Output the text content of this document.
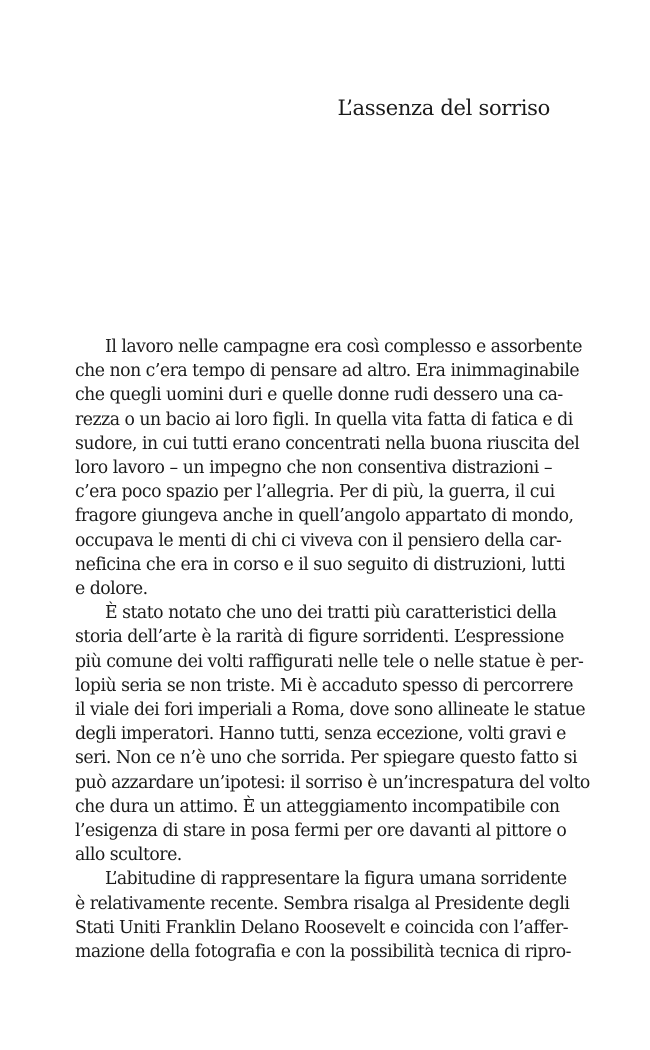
L’assenza del sorriso
Il lavoro nelle campagne era così complesso e assorbente
che non c’era tempo di pensare ad altro. Era inimmaginabile
che quegli uomini duri e quelle donne rudi dessero una ca-
rezza o un bacio ai loro figli. In quella vita fatta di fatica e di
sudore, in cui tutti erano concentrati nella buona riuscita del
loro lavoro – un impegno che non consentiva distrazioni –
c’era poco spazio per l’allegria. Per di più, la guerra, il cui
fragore giungeva anche in quell’angolo appartato di mondo,
occupava le menti di chi ci viveva con il pensiero della car-
neficina che era in corso e il suo seguito di distruzioni, lutti
e dolore.
È stato notato che uno dei tratti più caratteristici della
storia dell’arte è la rarità di figure sorridenti. L’espressione
più comune dei volti raffigurati nelle tele o nelle statue è per-
lopiù seria se non triste. Mi è accaduto spesso di percorrere
il viale dei fori imperiali a Roma, dove sono allineate le statue
degli imperatori. Hanno tutti, senza eccezione, volti gravi e
seri. Non ce n’è uno che sorrida. Per spiegare questo fatto si
può azzardare un’ipotesi: il sorriso è un’increspatura del volto
che dura un attimo. È un atteggiamento incompatibile con
l’esigenza di stare in posa fermi per ore davanti al pittore o
allo scultore.
L’abitudine di rappresentare la figura umana sorridente
è relativamente recente. Sembra risalga al Presidente degli
Stati Uniti Franklin Delano Roosevelt e coincida con l’affer-
mazione della fotografia e con la possibilità tecnica di ripro-
